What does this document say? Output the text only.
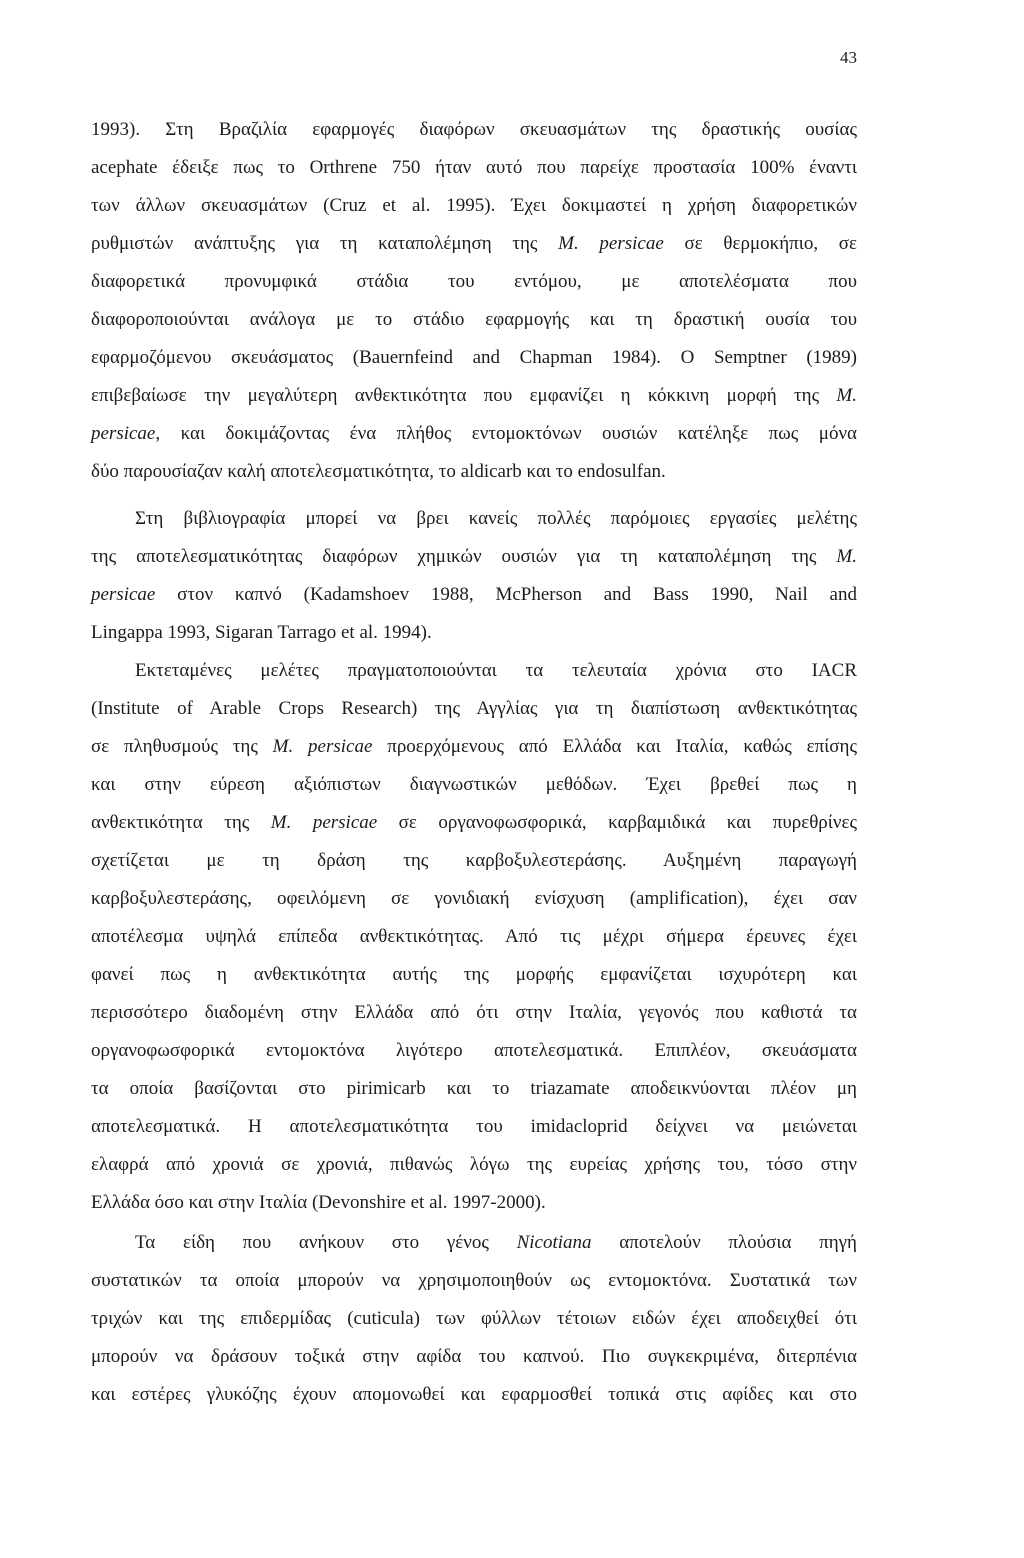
43
1993). Στη Βραζιλία εφαρμογές διαφόρων σκευασμάτων της δραστικής ουσίας
acephate έδειξε πως το Orthrene 750 ήταν αυτό που παρείχε προστασία 100% έναντι
των άλλων σκευασμάτων (Cruz et al. 1995). Έχει δοκιμαστεί η χρήση διαφορετικών
ρυθμιστών ανάπτυξης για τη καταπολέμηση της Μ. persicae σε θερμοκήπιο, σε
διαφορετικά προνυμφικά στάδια του εντόμου, με αποτελέσματα που
διαφοροποιούνται ανάλογα με το στάδιο εφαρμογής και τη δραστική ουσία του
εφαρμοζόμενου σκευάσματος (Bauernfeind and Chapman 1984). Ο Semptner (1989)
επιβεβαίωσε την μεγαλύτερη ανθεκτικότητα που εμφανίζει η κόκκινη μορφή της Μ.
persicae, και δοκιμάζοντας ένα πλήθος εντομοκτόνων ουσιών κατέληξε πως μόνα
δύο παρουσίαζαν καλή αποτελεσματικότητα, το aldicarb και το endosulfan.
Στη βιβλιογραφία μπορεί να βρει κανείς πολλές παρόμοιες εργασίες μελέτης
της αποτελεσματικότητας διαφόρων χημικών ουσιών για τη καταπολέμηση της Μ.
persicae στον καπνό (Kadamshoev 1988, McPherson and Bass 1990, Nail and
Lingappa 1993, Sigaran Tarrago et al. 1994).
Εκτεταμένες μελέτες πραγματοποιούνται τα τελευταία χρόνια στο IACR
(Institute of Arable Crops Research) της Αγγλίας για τη διαπίστωση ανθεκτικότητας
σε πληθυσμούς της Μ. persicae προερχόμενους από Ελλάδα και Ιταλία, καθώς επίσης
και στην εύρεση αξιόπιστων διαγνωστικών μεθόδων. Έχει βρεθεί πως η
ανθεκτικότητα της Μ. persicae σε οργανοφωσφορικά, καρβαμιδικά και πυρεθρίνες
σχετίζεται με τη δράση της καρβοξυλεστεράσης. Αυξημένη παραγωγή
καρβοξυλεστεράσης, οφειλόμενη σε γονιδιακή ενίσχυση (amplification), έχει σαν
αποτέλεσμα υψηλά επίπεδα ανθεκτικότητας. Από τις μέχρι σήμερα έρευνες έχει
φανεί πως η ανθεκτικότητα αυτής της μορφής εμφανίζεται ισχυρότερη και
περισσότερο διαδομένη στην Ελλάδα από ότι στην Ιταλία, γεγονός που καθιστά τα
οργανοφωσφορικά εντομοκτόνα λιγότερο αποτελεσματικά. Επιπλέον, σκευάσματα
τα οποία βασίζονται στο pirimicarb και το triazamate αποδεικνύονται πλέον μη
αποτελεσματικά. Η αποτελεσματικότητα του imidacloprid δείχνει να μειώνεται
ελαφρά από χρονιά σε χρονιά, πιθανώς λόγω της ευρείας χρήσης του, τόσο στην
Ελλάδα όσο και στην Ιταλία (Devonshire et al. 1997-2000).
Τα είδη που ανήκουν στο γένος Nicotiana αποτελούν πλούσια πηγή
συστατικών τα οποία μπορούν να χρησιμοποιηθούν ως εντομοκτόνα. Συστατικά των
τριχών και της επιδερμίδας (cuticula) των φύλλων τέτοιων ειδών έχει αποδειχθεί ότι
μπορούν να δράσουν τοξικά στην αφίδα του καπνού. Πιο συγκεκριμένα, διτερπένια
και εστέρες γλυκόζης έχουν απομονωθεί και εφαρμοσθεί τοπικά στις αφίδες και στο
